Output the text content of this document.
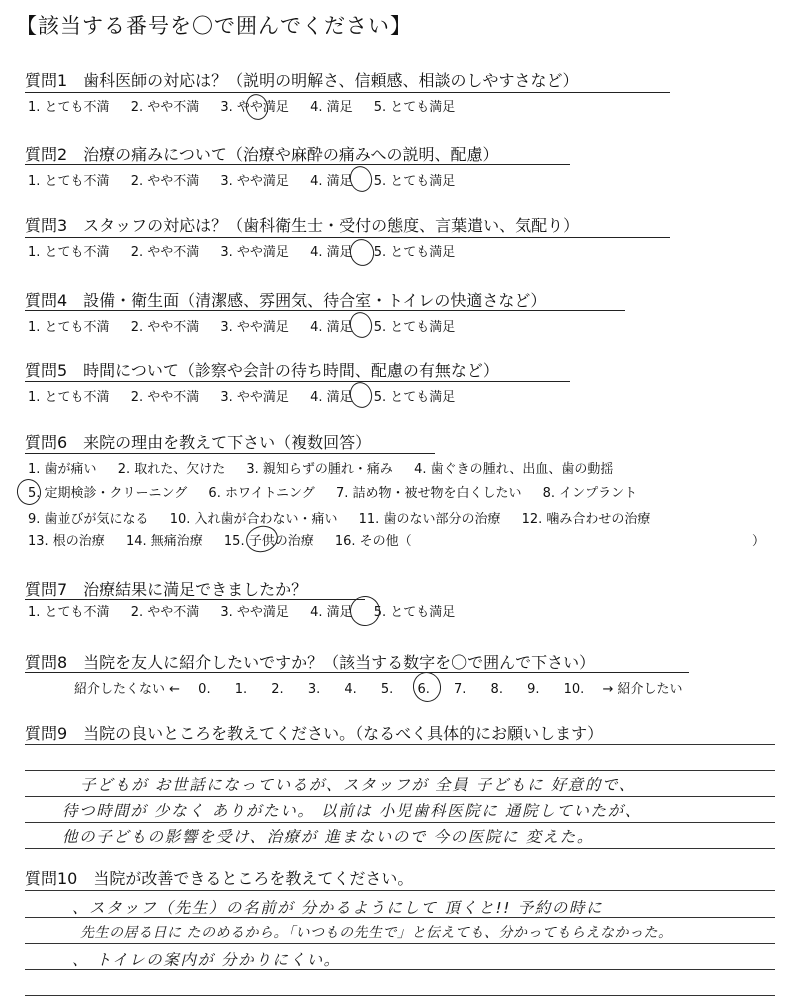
【該当する番号を〇で囲んでください】
質問1　歯科医師の対応は？（説明の明解さ、信頼感、相談のしやすさなど）
1. とても不満 2. やや不満 3. やや満足 4. 満足 5. とても満足
質問2　治療の痛みについて（治療や麻酔の痛みへの説明、配慮）
1. とても不満 2. やや不満 3. やや満足 4. 満足 5. とても満足
質問3　スタッフの対応は？（歯科衛生士・受付の態度、言葉遣い、気配り）
1. とても不満 2. やや不満 3. やや満足 4. 満足 5. とても満足
質問4　設備・衛生面（清潔感、雰囲気、待合室・トイレの快適さなど）
1. とても不満 2. やや不満 3. やや満足 4. 満足 5. とても満足
質問5　時間について（診察や会計の待ち時間、配慮の有無など）
1. とても不満 2. やや不満 3. やや満足 4. 満足 5. とても満足
質問6　来院の理由を教えて下さい（複数回答）
1. 歯が痛い 2. 取れた、欠けた 3. 親知らずの腫れ・痛み 4. 歯ぐきの腫れ、出血、歯の動揺
5. 定期検診・クリーニング 6. ホワイトニング 7. 詰め物・被せ物を白くしたい 8. インプラント
9. 歯並びが気になる 10. 入れ歯が合わない・痛い 11. 歯のない部分の治療 12. 噛み合わせの治療
13. 根の治療 14. 無痛治療 15. 子供の治療 16. その他（	）
質問7　治療結果に満足できましたか？
1. とても不満 2. やや不満 3. やや満足 4. 満足 5. とても満足
質問8　当院を友人に紹介したいですか？（該当する数字を〇で囲んで下さい）
紹介したくない ← 0. 1. 2. 3. 4. 5. 6. 7. 8. 9. 10. → 紹介したい
質問9　当院の良いところを教えてください。（なるべく具体的にお願いします）
子どもが お世話になっているが、スタッフが 全員 子どもに 好意的で、
待つ時間が 少なく ありがたい。 以前は 小児歯科医院に 通院していたが、
他の子どもの影響を受け、治療が 進まないので 今の医院に 変えた。
質問10　当院が改善できるところを教えてください。
、スタッフ（先生）の名前が 分かるようにして 頂くと!! 予約の時に
先生の居る日に たのめるから。「いつもの先生で」と伝えても、分かってもらえなかった。
、 トイレの案内が 分かりにくい。
